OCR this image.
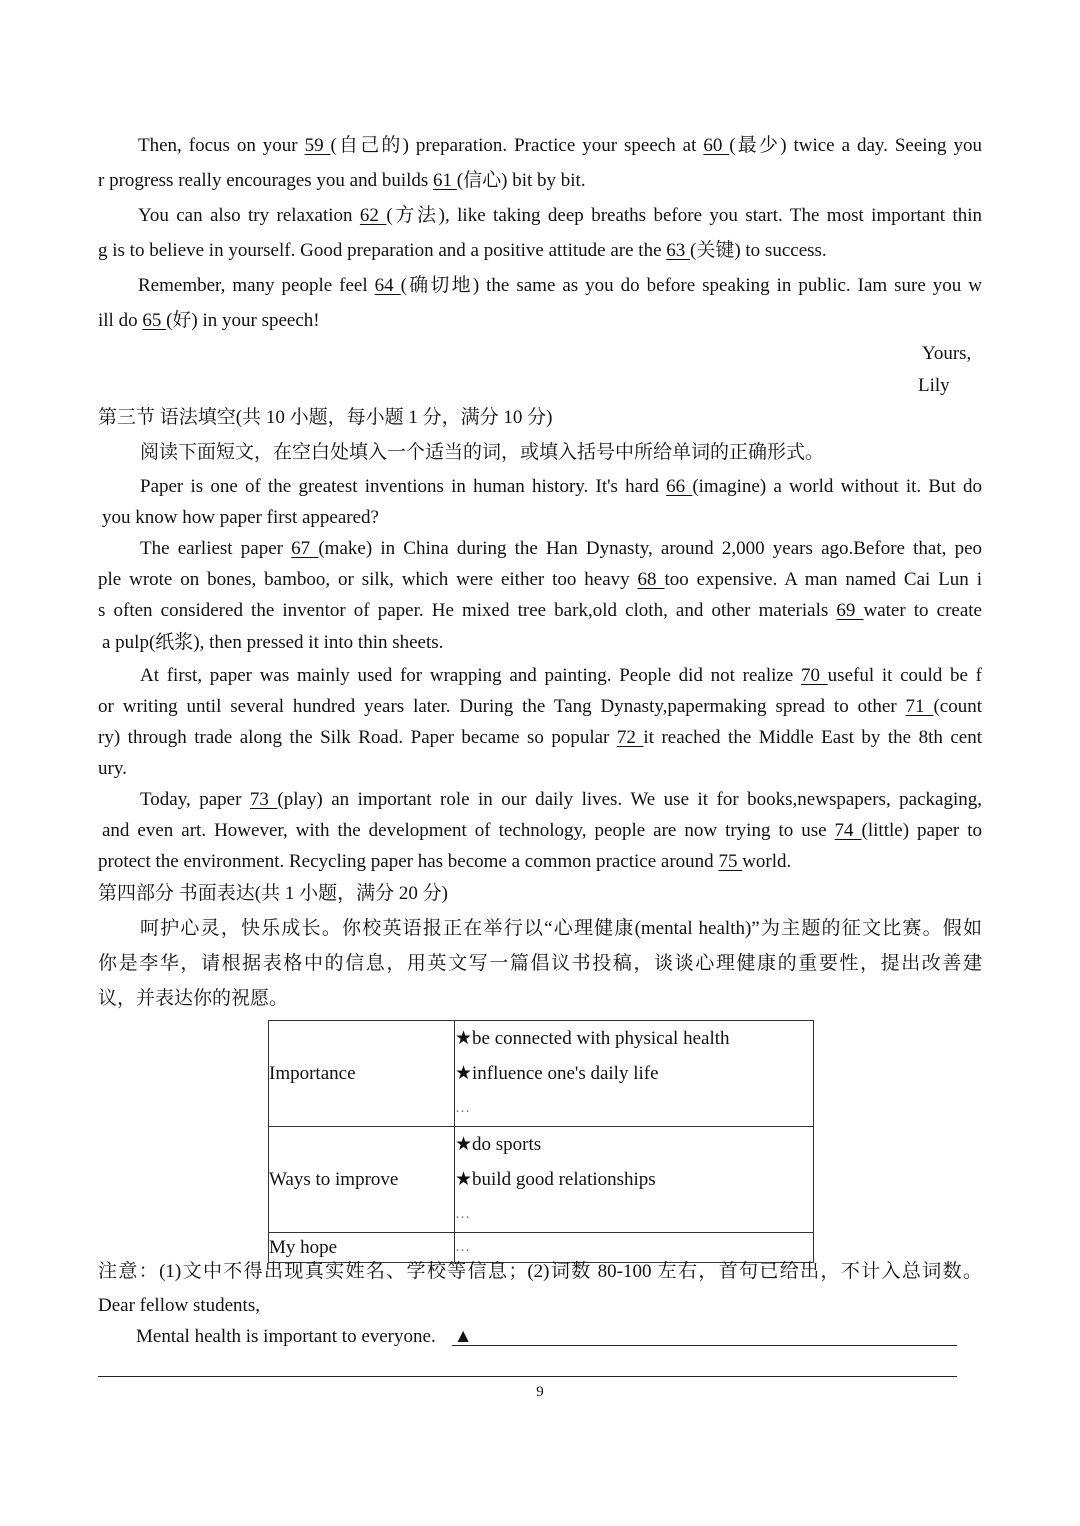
Then, focus on your 59 (自己的) preparation. Practice your speech at 60 (最少) twice a day. Seeing you

r progress really encourages you and builds 61 (信心) bit by bit.

You can also try relaxation 62 (方法), like taking deep breaths before you start. The most important thin

g is to believe in yourself. Good preparation and a positive attitude are the 63 (关键) to success.

Remember, many people feel 64 (确切地) the same as you do before speaking in public. Iam sure you w

ill do 65 (好) in your speech!

Yours,
Lily

第三节 语法填空(共 10 小题，每小题 1 分，满分 10 分)

阅读下面短文，在空白处填入一个适当的词，或填入括号中所给单词的正确形式。

Paper is one of the greatest inventions in human history. It's hard 66 (imagine) a world without it. But do

you know how paper first appeared?

The earliest paper 67 (make) in China during the Han Dynasty, around 2,000 years ago.Before that, peo

ple wrote on bones, bamboo, or silk, which were either too heavy 68 too expensive. A man named Cai Lun i

s often considered the inventor of paper. He mixed tree bark,old cloth, and other materials 69 water to create

a pulp(纸浆), then pressed it into thin sheets.

At first, paper was mainly used for wrapping and painting. People did not realize 70 useful it could be f

or writing until several hundred years later. During the Tang Dynasty,papermaking spread to other 71 (count

ry) through trade along the Silk Road. Paper became so popular 72 it reached the Middle East by the 8th cent

ury.

Today, paper 73 (play) an important role in our daily lives. We use it for books,newspapers, packaging,

and even art. However, with the development of technology, people are now trying to use 74 (little) paper to

protect the environment. Recycling paper has become a common practice around 75 world.

第四部分 书面表达(共 1 小题，满分 20 分)

呵护心灵，快乐成长。你校英语报正在举行以“心理健康(mental health)”为主题的征文比赛。假如

你是李华，请根据表格中的信息，用英文写一篇倡议书投稿，谈谈心理健康的重要性，提出改善建

议，并表达你的祝愿。

Importance	★be connected with physical health
★influence one's daily life
…

Ways to improve	★do sports
★build good relationships
…

My hope	…

注意：(1)文中不得出现真实姓名、学校等信息；(2)词数 80-100 左右，首句已给出，不计入总词数。

Dear fellow students,

Mental health is important to everyone. ▲

9
